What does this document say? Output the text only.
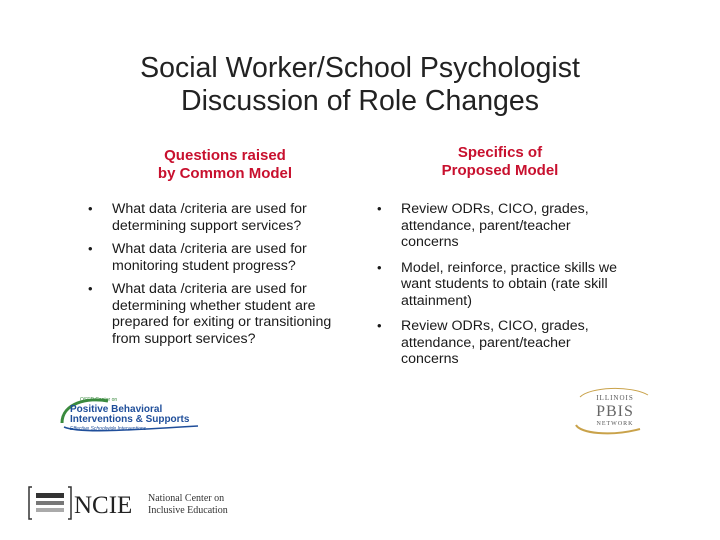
Social Worker/School Psychologist
Discussion of Role Changes
Questions raised
by Common Model
Specifics of
Proposed Model
•	What data /criteria are used for determining support services?
•	What data /criteria are used for monitoring student progress?
•	What data /criteria are used for determining whether student are prepared for exiting or transitioning from support services?
•	Review ODRs, CICO, grades, attendance, parent/teacher concerns
•	Model, reinforce, practice skills we want students to obtain (rate skill attainment)
•	Review ODRs, CICO, grades, attendance, parent/teacher concerns
OSEP Center on
Positive Behavioral
Interventions & Supports
Effective Schoolwide Interventions
ILLINOIS
PBIS
NETWORK
NCIE National Center on
Inclusive Education
